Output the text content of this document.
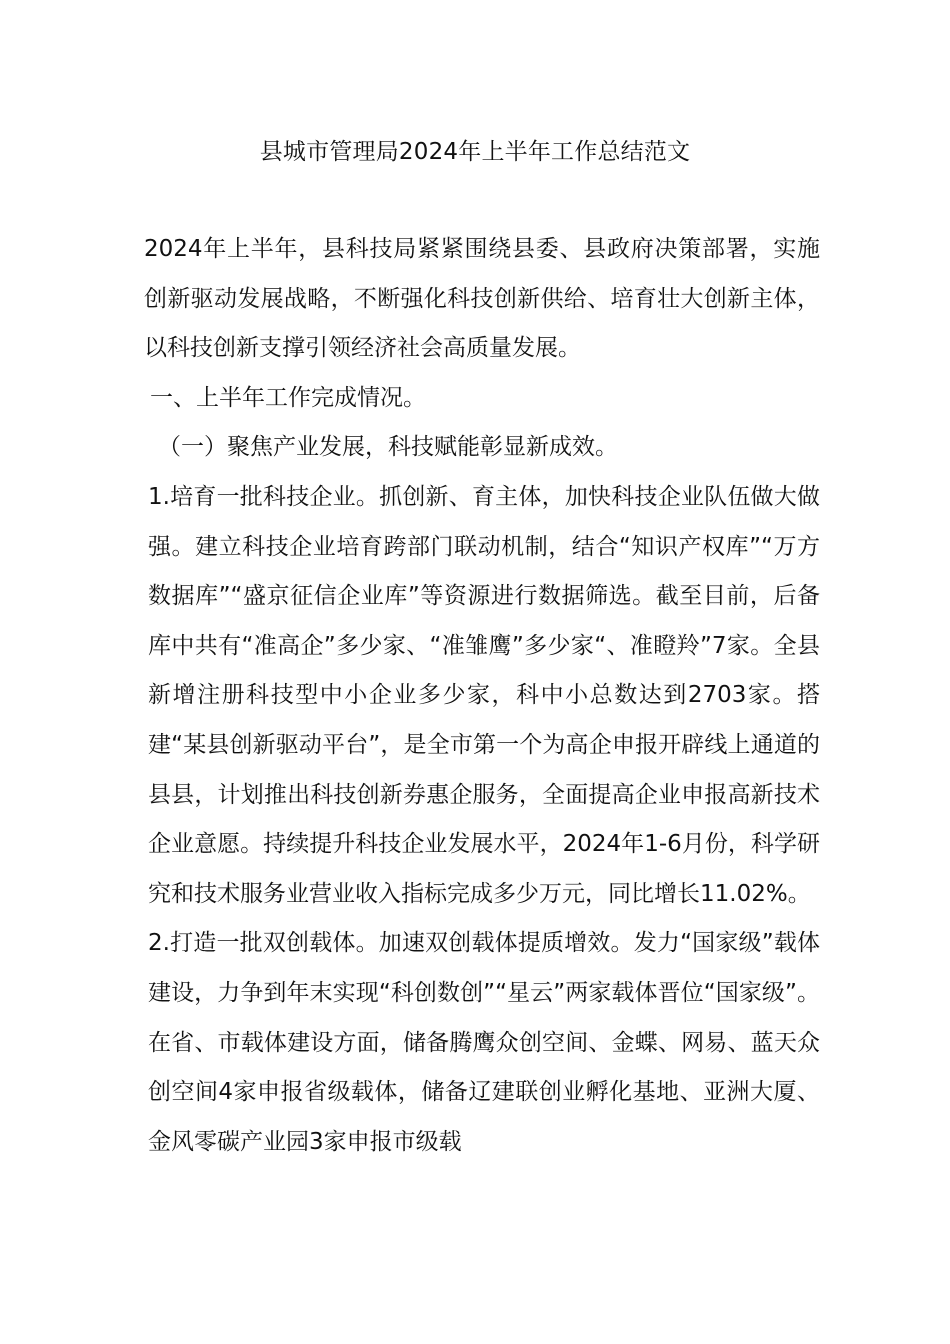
县城市管理局2024年上半年工作总结范文

2024年上半年，县科技局紧紧围绕县委、县政府决策部署，实施创新驱动发展战略，不断强化科技创新供给、培育壮大创新主体，以科技创新支撑引领经济社会高质量发展。

一、上半年工作完成情况。

（一）聚焦产业发展，科技赋能彰显新成效。

1.培育一批科技企业。抓创新、育主体，加快科技企业队伍做大做强。建立科技企业培育跨部门联动机制，结合“知识产权库”“万方数据库”“盛京征信企业库”等资源进行数据筛选。截至目前，后备库中共有“准高企”多少家、“准雏鹰”多少家“、准瞪羚”7家。全县新增注册科技型中小企业多少家，科中小总数达到2703家。搭建“某县创新驱动平台”，是全市第一个为高企申报开辟线上通道的县县，计划推出科技创新券惠企服务，全面提高企业申报高新技术企业意愿。持续提升科技企业发展水平，2024年1-6月份，科学研究和技术服务业营业收入指标完成多少万元，同比增长11.02%。

2.打造一批双创载体。加速双创载体提质增效。发力“国家级”载体建设，力争到年末实现“科创数创”“星云”两家载体晋位“国家级”。在省、市载体建设方面，储备腾鹰众创空间、金蝶、网易、蓝天众创空间4家申报省级载体，储备辽建联创业孵化基地、亚洲大厦、金风零碳产业园3家申报市级载
